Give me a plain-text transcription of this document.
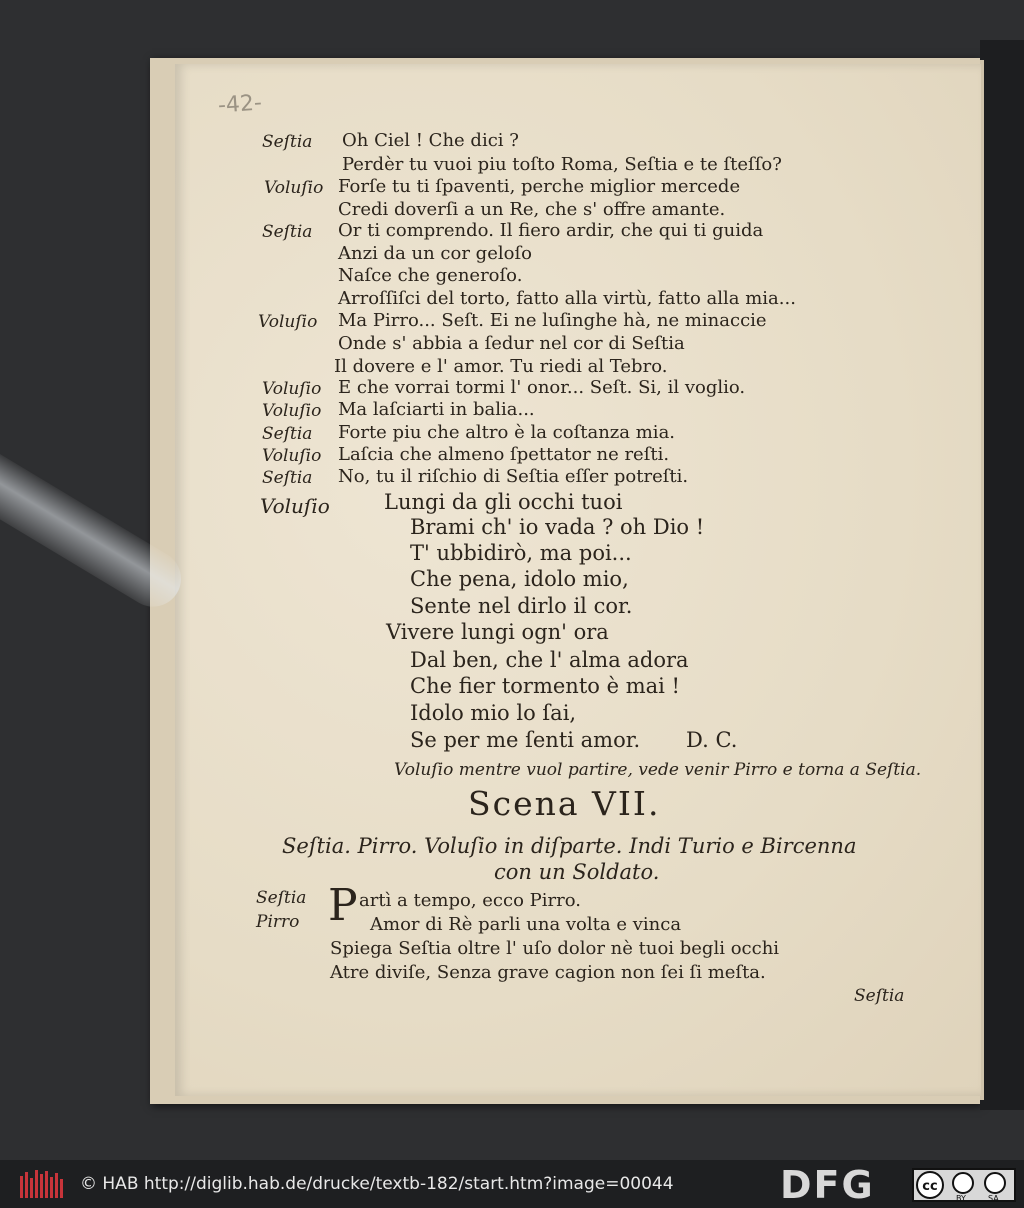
-42-
Seſtia Oh Ciel ! Che dici ?
Perdèr tu vuoi piu toſto Roma, Seſtia e te ſteſſo?
Voluſio Forſe tu ti ſpaventi, perche miglior mercede
Credi doverſi a un Re, che s' offre amante.
Seſtia Or ti comprendo. Il fiero ardir, che qui ti guida
Anzi da un cor geloſo
Naſce che generoſo.
Arroſſiſci del torto, fatto alla virtù, fatto alla mia...
Voluſio Ma Pirro... Seſt. Ei ne luſinghe hà, ne minaccie
Onde s' abbia a ſedur nel cor di Seſtia
Il dovere e l' amor. Tu riedi al Tebro.
Voluſio E che vorrai tormi l' onor... Seſt. Si, il voglio.
Voluſio Ma laſciarti in balia...
Seſtia Forte piu che altro è la coſtanza mia.
Voluſio Laſcia che almeno ſpettator ne reſti.
Seſtia No, tu il riſchio di Seſtia eſſer potreſti.
Voluſio	Lungi da gli occhi tuoi
Brami ch' io vada ? oh Dio !
T' ubbidirò, ma poi...
Che pena, idolo mio,
Sente nel dirlo il cor.
Vivere lungi ogn' ora
Dal ben, che l' alma adora
Che fier tormento è mai !
Idolo mio lo ſai,
Se per me ſenti amor. D. C.
Voluſio mentre vuol partire, vede venir Pirro e torna a Seſtia.
Scena VII.
Seſtia. Pirro. Voluſio in diſparte. Indi Turio e Bircenna
con un Soldato.
Seſtia P artì a tempo, ecco Pirro.
Pirro	Amor di Rè parli una volta e vinca
Spiega Seſtia oltre l' uſo dolor nè tuoi begli occhi
Atre diviſe, Senza grave cagion non ſei ſi meſta.
Seſtia
© HAB http://diglib.hab.de/drucke/textb-182/start.htm?image=00044	DFG	cc
BY	SA
